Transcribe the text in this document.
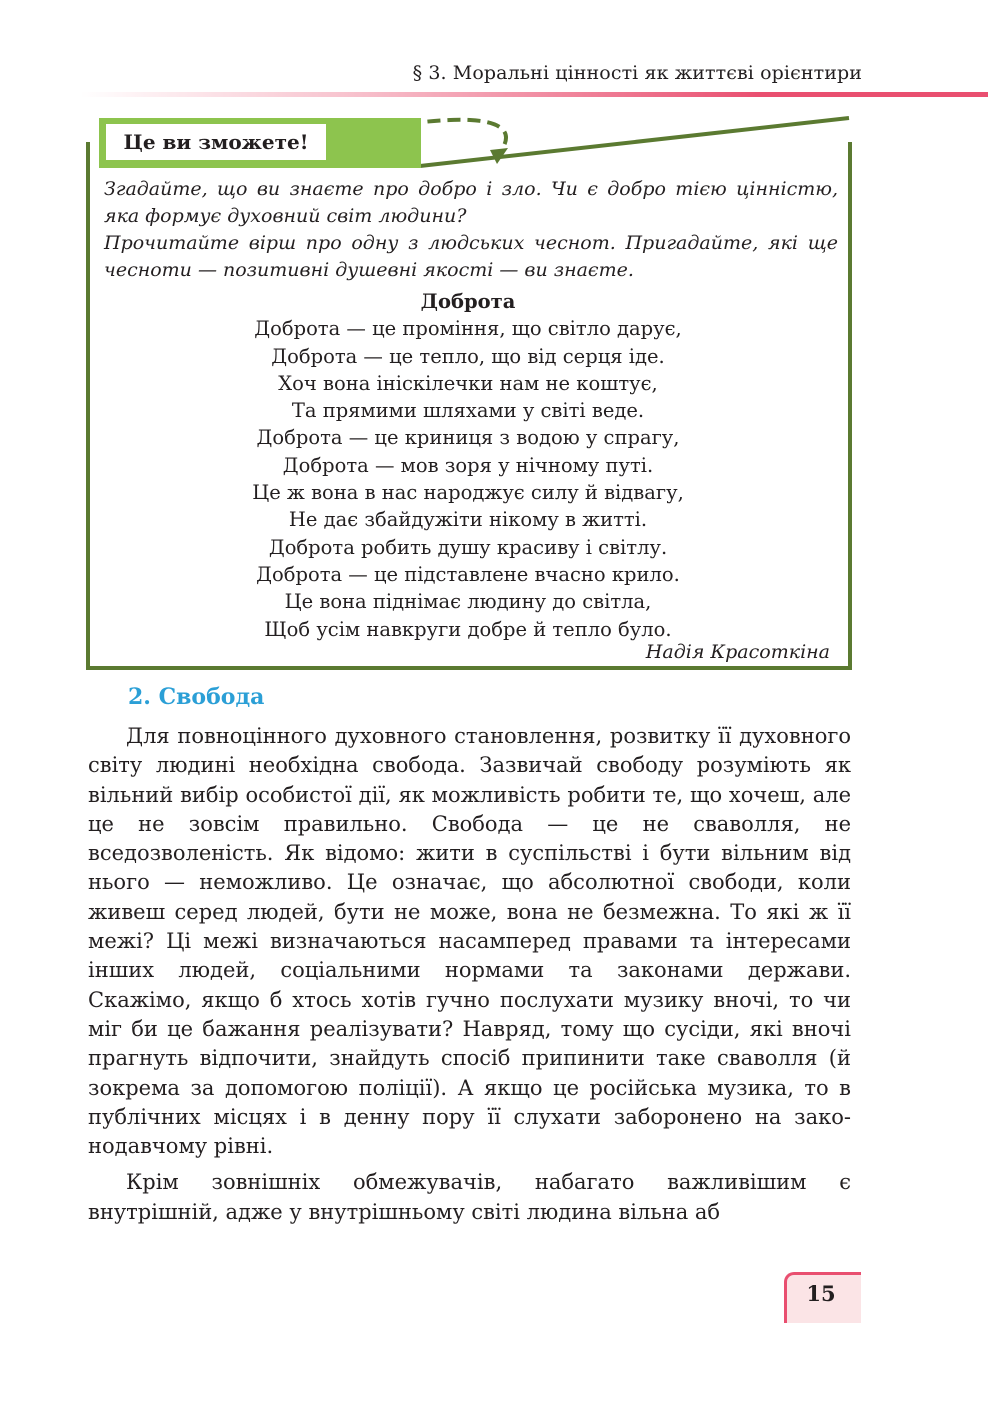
§ 3. Моральні цінності як життєві орієнтири
Це ви зможете!

Згадайте, що ви знаєте про добро і зло. Чи є добро тією цінністю, яка формує духовний світ людини?

Прочитайте вірш про одну з людських чеснот. Пригадайте, які ще чесноти — позитивні душевні якості — ви знаєте.

Доброта
Доброта — це проміння, що світло дарує,
Доброта — це тепло, що від серця іде.
Хоч вона ініскілечки нам не коштує,
Та прямими шляхами у світі веде.
Доброта — це криниця з водою у спрагу,
Доброта — мов зоря у нічному путі.
Це ж вона в нас народжує силу й відвагу,
Не дає збайдужіти нікому в житті.
Доброта робить душу красиву і світлу.
Доброта — це підставлене вчасно крило.
Це вона піднімає людину до світла,
Щоб усім навкруги добре й тепло було.
Надія Красоткіна
2. Свобода

Для повноцінного духовного становлення, розвитку її духовного світу людині необхідна свобода. Зазвичай свободу розуміють як вільний вибір особистої дії, як можливість робити те, що хочеш, але це не зовсім правильно. Свобода — це не сваволля, не вседозволеність. Як відомо: жити в суспільстві і бути вільним від нього — неможливо. Це означає, що абсолютної свободи, коли живеш серед людей, бути не може, вона не безмежна. То які ж її межі? Ці межі визначаються насамперед правами та інтересами інших людей, соціальними нормами та законами держави. Скажімо, якщо б хтось хотів гучно послухати музику вночі, то чи міг би це бажання реалізувати? Навряд, тому що сусіди, які вночі прагнуть відпочити, знайдуть спосіб припинити таке сваволля (й зокрема за допомогою поліції). А якщо це російська музика, то в публічних місцях і в денну пору її слухати заборонено на законодавчому рівні.

Крім зовнішніх обмежувачів, набагато важливішим є внутрішній, адже у внутрішньому світі людина вільна аб

15
